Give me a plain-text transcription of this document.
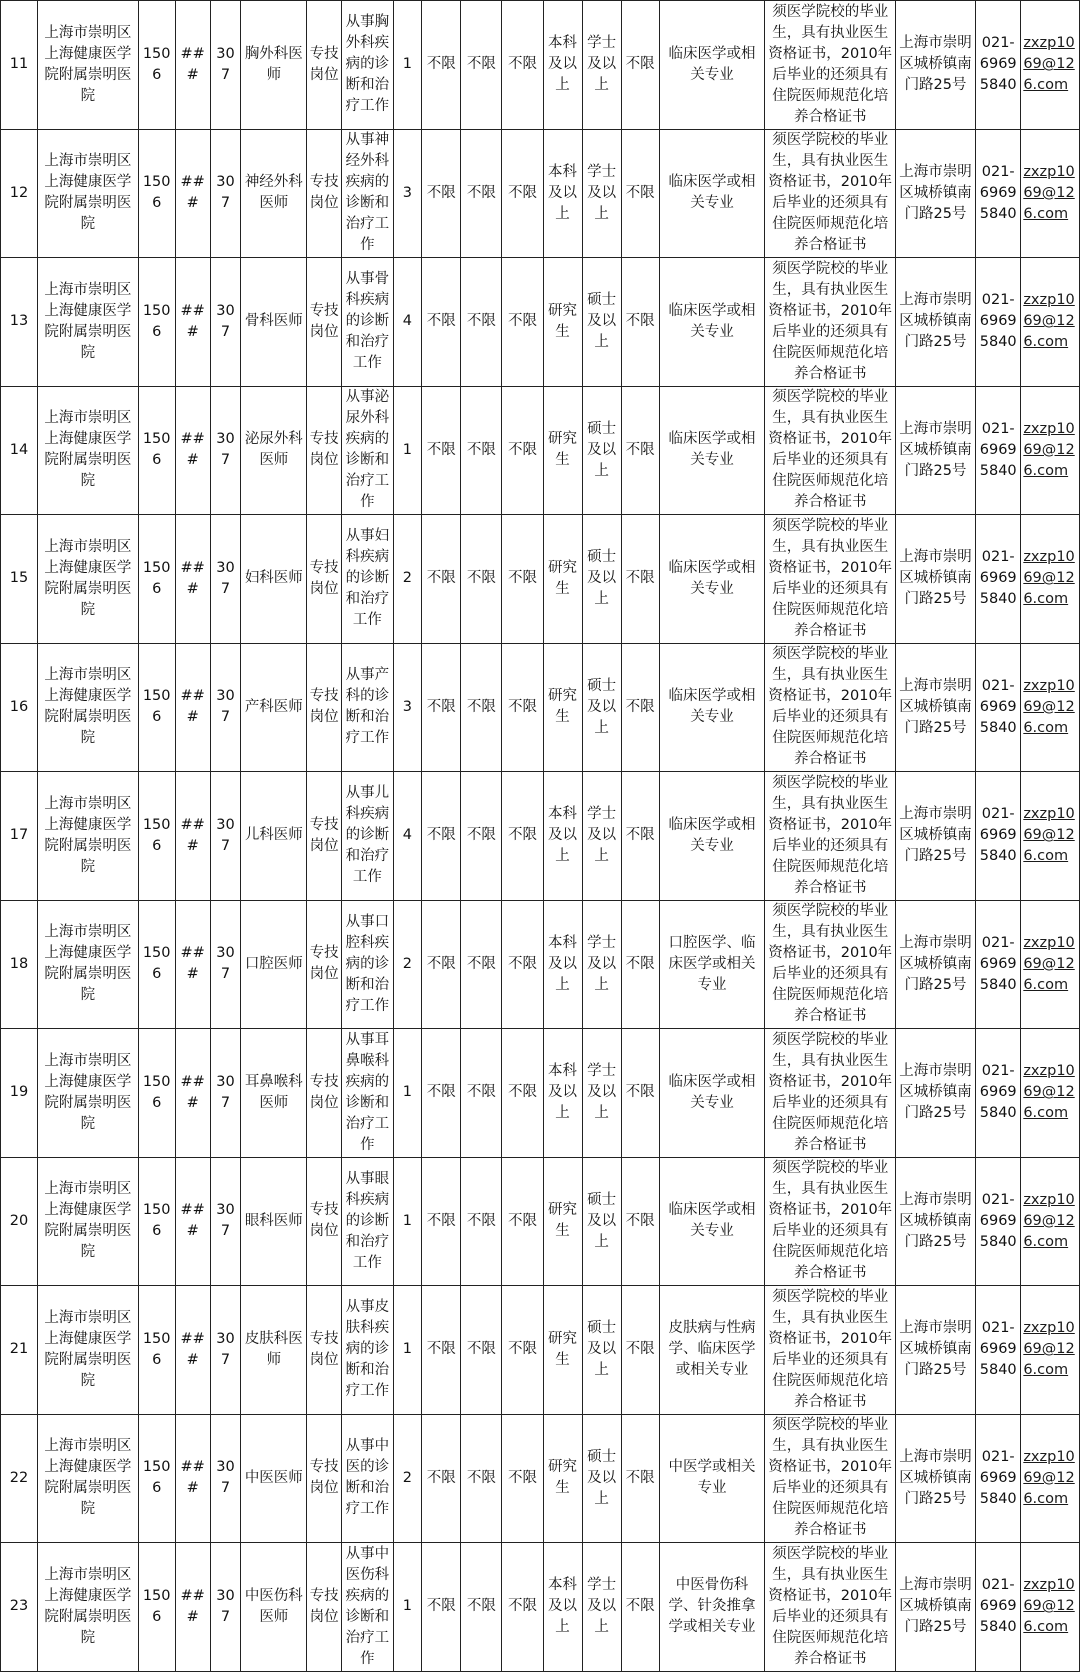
11	上海市崇明区上海健康医学院附属崇明医院	1506	###	307	胸外科医师	专技岗位	从事胸外科疾病的诊断和治疗工作	1	不限	不限	不限	本科及以上	学士及以上	不限	临床医学或相关专业	须医学院校的毕业生，具有执业医生资格证书，2010年后毕业的还须具有住院医师规范化培养合格证书	上海市崇明区城桥镇南门路25号	021-69695840	zxzp1069@126.com

12	上海市崇明区上海健康医学院附属崇明医院	1506	###	307	神经外科医师	专技岗位	从事神经外科疾病的诊断和治疗工作	3	不限	不限	不限	本科及以上	学士及以上	不限	临床医学或相关专业	须医学院校的毕业生，具有执业医生资格证书，2010年后毕业的还须具有住院医师规范化培养合格证书	上海市崇明区城桥镇南门路25号	021-69695840	zxzp1069@126.com

13	上海市崇明区上海健康医学院附属崇明医院	1506	###	307	骨科医师	专技岗位	从事骨科疾病的诊断和治疗工作	4	不限	不限	不限	研究生	硕士及以上	不限	临床医学或相关专业	须医学院校的毕业生，具有执业医生资格证书，2010年后毕业的还须具有住院医师规范化培养合格证书	上海市崇明区城桥镇南门路25号	021-69695840	zxzp1069@126.com

14	上海市崇明区上海健康医学院附属崇明医院	1506	###	307	泌尿外科医师	专技岗位	从事泌尿外科疾病的诊断和治疗工作	1	不限	不限	不限	研究生	硕士及以上	不限	临床医学或相关专业	须医学院校的毕业生，具有执业医生资格证书，2010年后毕业的还须具有住院医师规范化培养合格证书	上海市崇明区城桥镇南门路25号	021-69695840	zxzp1069@126.com

15	上海市崇明区上海健康医学院附属崇明医院	1506	###	307	妇科医师	专技岗位	从事妇科疾病的诊断和治疗工作	2	不限	不限	不限	研究生	硕士及以上	不限	临床医学或相关专业	须医学院校的毕业生，具有执业医生资格证书，2010年后毕业的还须具有住院医师规范化培养合格证书	上海市崇明区城桥镇南门路25号	021-69695840	zxzp1069@126.com

16	上海市崇明区上海健康医学院附属崇明医院	1506	###	307	产科医师	专技岗位	从事产科的诊断和治疗工作	3	不限	不限	不限	研究生	硕士及以上	不限	临床医学或相关专业	须医学院校的毕业生，具有执业医生资格证书，2010年后毕业的还须具有住院医师规范化培养合格证书	上海市崇明区城桥镇南门路25号	021-69695840	zxzp1069@126.com

17	上海市崇明区上海健康医学院附属崇明医院	1506	###	307	儿科医师	专技岗位	从事儿科疾病的诊断和治疗工作	4	不限	不限	不限	本科及以上	学士及以上	不限	临床医学或相关专业	须医学院校的毕业生，具有执业医生资格证书，2010年后毕业的还须具有住院医师规范化培养合格证书	上海市崇明区城桥镇南门路25号	021-69695840	zxzp1069@126.com

18	上海市崇明区上海健康医学院附属崇明医院	1506	###	307	口腔医师	专技岗位	从事口腔科疾病的诊断和治疗工作	2	不限	不限	不限	本科及以上	学士及以上	不限	口腔医学、临床医学或相关专业	须医学院校的毕业生，具有执业医生资格证书，2010年后毕业的还须具有住院医师规范化培养合格证书	上海市崇明区城桥镇南门路25号	021-69695840	zxzp1069@126.com

19	上海市崇明区上海健康医学院附属崇明医院	1506	###	307	耳鼻喉科医师	专技岗位	从事耳鼻喉科疾病的诊断和治疗工作	1	不限	不限	不限	本科及以上	学士及以上	不限	临床医学或相关专业	须医学院校的毕业生，具有执业医生资格证书，2010年后毕业的还须具有住院医师规范化培养合格证书	上海市崇明区城桥镇南门路25号	021-69695840	zxzp1069@126.com

20	上海市崇明区上海健康医学院附属崇明医院	1506	###	307	眼科医师	专技岗位	从事眼科疾病的诊断和治疗工作	1	不限	不限	不限	研究生	硕士及以上	不限	临床医学或相关专业	须医学院校的毕业生，具有执业医生资格证书，2010年后毕业的还须具有住院医师规范化培养合格证书	上海市崇明区城桥镇南门路25号	021-69695840	zxzp1069@126.com

21	上海市崇明区上海健康医学院附属崇明医院	1506	###	307	皮肤科医师	专技岗位	从事皮肤科疾病的诊断和治疗工作	1	不限	不限	不限	研究生	硕士及以上	不限	皮肤病与性病学、临床医学或相关专业	须医学院校的毕业生，具有执业医生资格证书，2010年后毕业的还须具有住院医师规范化培养合格证书	上海市崇明区城桥镇南门路25号	021-69695840	zxzp1069@126.com

22	上海市崇明区上海健康医学院附属崇明医院	1506	###	307	中医医师	专技岗位	从事中医的诊断和治疗工作	2	不限	不限	不限	研究生	硕士及以上	不限	中医学或相关专业	须医学院校的毕业生，具有执业医生资格证书，2010年后毕业的还须具有住院医师规范化培养合格证书	上海市崇明区城桥镇南门路25号	021-69695840	zxzp1069@126.com

23	上海市崇明区上海健康医学院附属崇明医院	1506	###	307	中医伤科医师	专技岗位	从事中医伤科疾病的诊断和治疗工作	1	不限	不限	不限	本科及以上	学士及以上	不限	中医骨伤科学、针灸推拿学或相关专业	须医学院校的毕业生，具有执业医生资格证书，2010年后毕业的还须具有住院医师规范化培养合格证书	上海市崇明区城桥镇南门路25号	021-69695840	zxzp1069@126.com
